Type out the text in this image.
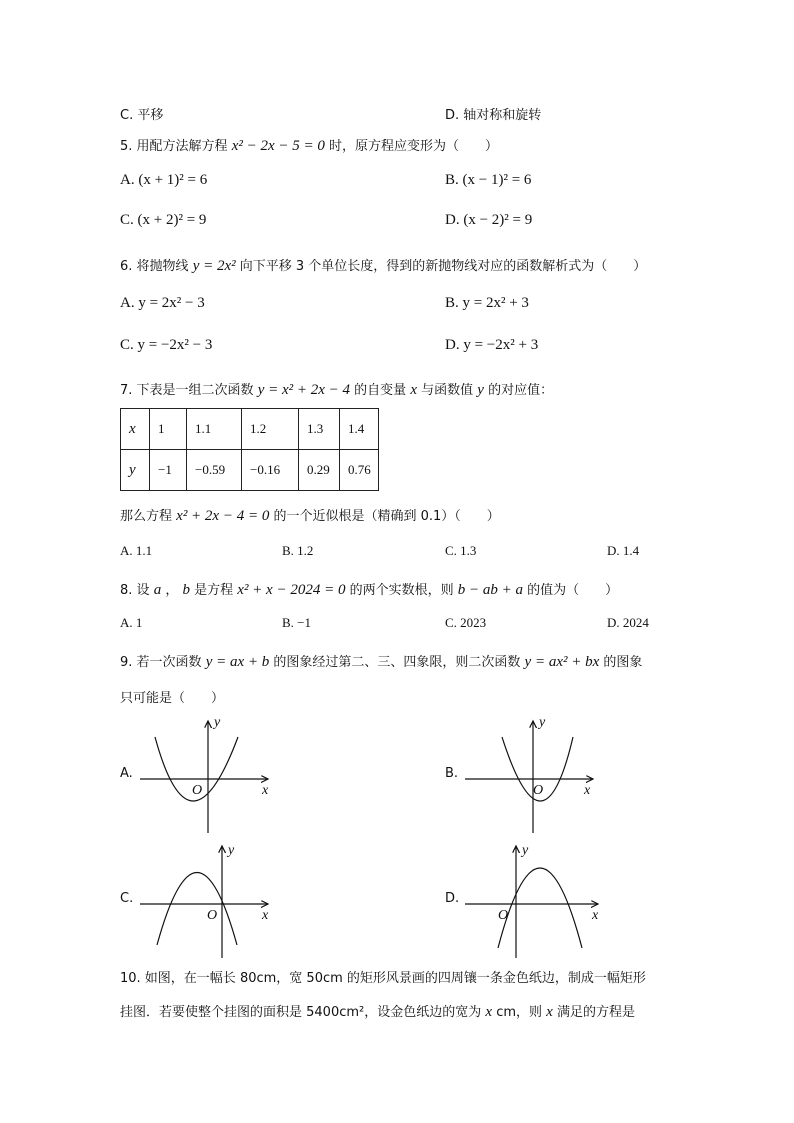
C. 平移	D. 轴对称和旋转
5. 用配方法解方程 x² − 2x − 5 = 0 时，原方程应变形为（　　）
A. (x + 1)² = 6	B. (x − 1)² = 6
C. (x + 2)² = 9	D. (x − 2)² = 9
6. 将抛物线 y = 2x² 向下平移 3 个单位长度，得到的新抛物线对应的函数解析式为（　　）
A. y = 2x² − 3	B. y = 2x² + 3
C. y = −2x² − 3	D. y = −2x² + 3
7. 下表是一组二次函数 y = x² + 2x − 4 的自变量 x 与函数值 y 的对应值：
x	1	1.1	1.2	1.3	1.4
y	−1	−0.59	−0.16	0.29	0.76
那么方程 x² + 2x − 4 = 0 的一个近似根是（精确到 0.1）（　　）
A. 1.1	B. 1.2	C. 1.3	D. 1.4
8. 设 a ， b 是方程 x² + x − 2024 = 0 的两个实数根，则 b − ab + a 的值为（　　）
A. 1	B. −1	C. 2023	D. 2024
9. 若一次函数 y = ax + b 的图象经过第二、三、四象限，则二次函数 y = ax² + bx 的图象
只可能是（　　）
A.	B.
C.	D.
y
x
O
y
x
O
y
x
O
y
x
O
10. 如图，在一幅长 80cm，宽 50cm 的矩形风景画的四周镶一条金色纸边，制成一幅矩形
挂图．若要使整个挂图的面积是 5400cm²，设金色纸边的宽为 x cm，则 x 满足的方程是
